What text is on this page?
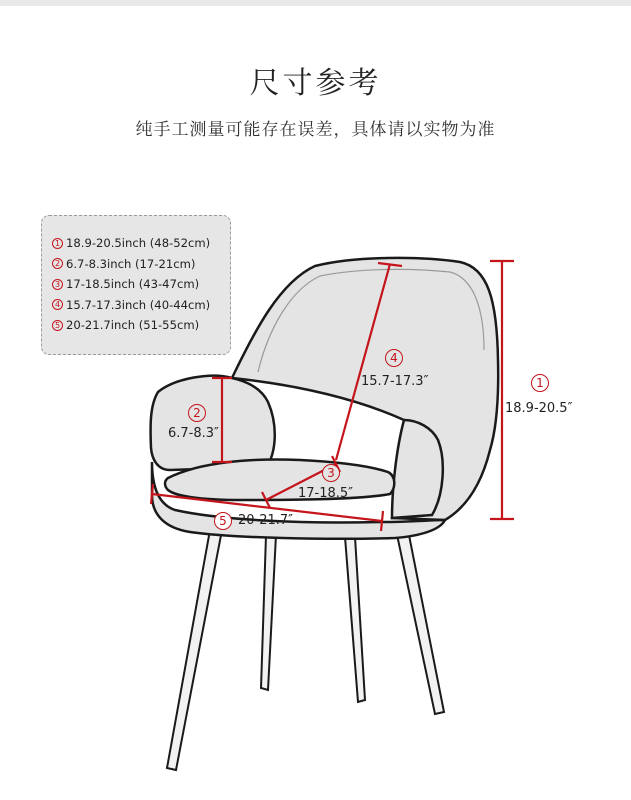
尺寸参考
纯手工测量可能存在误差，具体请以实物为准
1 18.9-20.5inch (48-52cm)
2 6.7-8.3inch (17-21cm)
3 17-18.5inch (43-47cm)
4 15.7-17.3inch (40-44cm)
5 20-21.7inch (51-55cm)
1
18.9-20.5″
2
6.7-8.3″
3
17-18.5″
4
15.7-17.3″
5 20-21.7″
